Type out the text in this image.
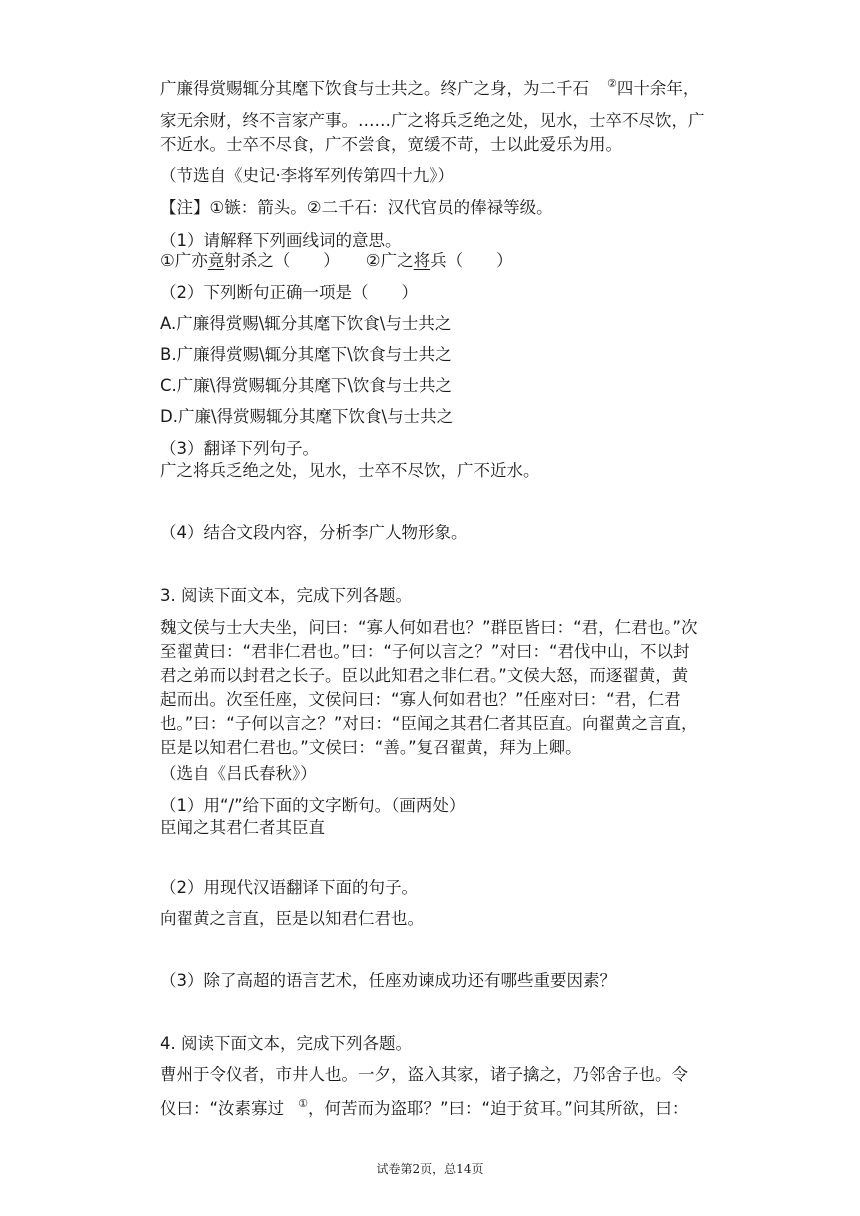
广廉得赏赐辄分其麾下饮食与士共之。终广之身，为二千石 ②四十余年，
家无余财，终不言家产事。……广之将兵乏绝之处，见水，士卒不尽饮，广
不近水。士卒不尽食，广不尝食，宽缓不苛，士以此爱乐为用。
（节选自《史记·李将军列传第四十九》）
【注】①镞：箭头。②二千石：汉代官员的俸禄等级。
（1）请解释下列画线词的意思。
①广亦竟射杀之（　　） ②广之将兵（　　）
（2）下列断句正确一项是（　　）
A.广廉得赏赐\辄分其麾下饮食\与士共之
B.广廉得赏赐\辄分其麾下\饮食与士共之
C.广廉\得赏赐辄分其麾下\饮食与士共之
D.广廉\得赏赐辄分其麾下饮食\与士共之
（3）翻译下列句子。
广之将兵乏绝之处，见水，士卒不尽饮，广不近水。
（4）结合文段内容，分析李广人物形象。
3. 阅读下面文本，完成下列各题。
魏文侯与士大夫坐，问曰：“寡人何如君也？”群臣皆曰：“君，仁君也。”次
至翟黄曰：“君非仁君也。”曰：“子何以言之？”对曰：“君伐中山，不以封
君之弟而以封君之长子。臣以此知君之非仁君。”文侯大怒，而逐翟黄，黄
起而出。次至任座，文侯问曰：“寡人何如君也？”任座对曰：“君，仁君
也。”曰：“子何以言之？”对曰：“臣闻之其君仁者其臣直。向翟黄之言直，
臣是以知君仁君也。”文侯曰：“善。”复召翟黄，拜为上卿。
（选自《吕氏春秋》）
（1）用“/”给下面的文字断句。（画两处）
臣闻之其君仁者其臣直
（2）用现代汉语翻译下面的句子。
向翟黄之言直，臣是以知君仁君也。
（3）除了高超的语言艺术，任座劝谏成功还有哪些重要因素？
4. 阅读下面文本，完成下列各题。
曹州于令仪者，市井人也。一夕，盗入其家，诸子擒之，乃邻舍子也。令
仪曰：“汝素寡过 ①，何苦而为盗耶？”曰：“迫于贫耳。”问其所欲，曰：
试卷第2页，总14页
